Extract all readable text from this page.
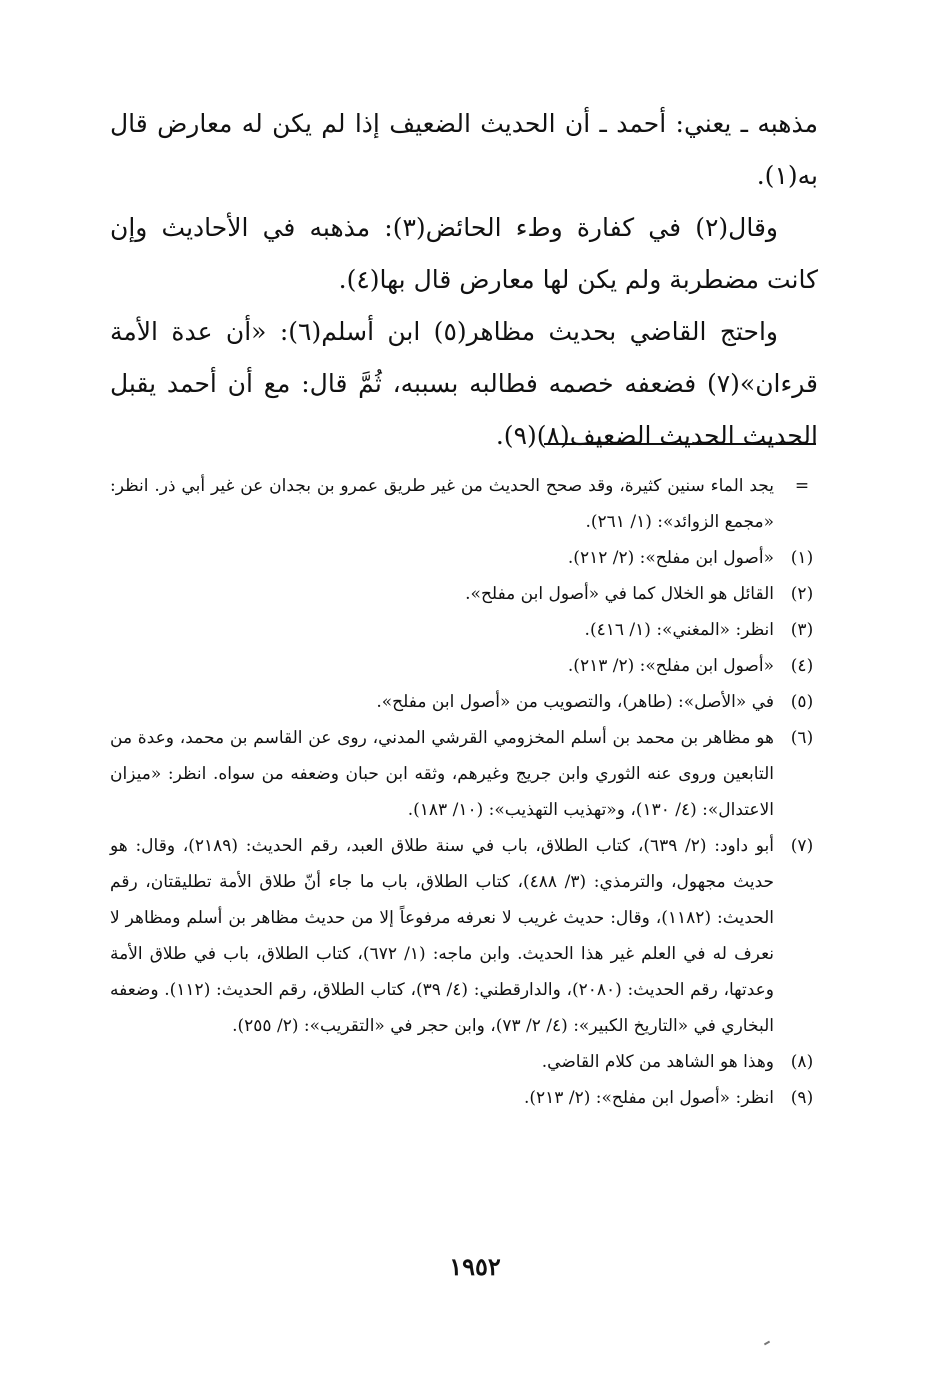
مذهبه ـ يعني: أحمد ـ أن الحديث الضعيف إذا لم يكن له معارض قال به(١).

وقال(٢) في كفارة وطء الحائض(٣): مذهبه في الأحاديث وإن كانت مضطربة ولم يكن لها معارض قال بها(٤).

واحتج القاضي بحديث مظاهر(٥) ابن أسلم(٦): «أن عدة الأمة قرءان»(٧) فضعفه خصمه فطالبه بسببه، ثُمَّ قال: مع أن أحمد يقبل الحديث الحديث الضعيف(٨)(٩).

=
يجد الماء سنين كثيرة، وقد صحح الحديث من غير طريق عمرو بن بجدان عن غير أبي ذر. انظر: «مجمع الزوائد»: (١/ ٢٦١).
(١)
«أصول ابن مفلح»: (٢/ ٢١٢).
(٢)
القائل هو الخلال كما في «أصول ابن مفلح».
(٣)
انظر: «المغني»: (١/ ٤١٦).
(٤)
«أصول ابن مفلح»: (٢/ ٢١٣).
(٥)
في «الأصل»: (طاهر)، والتصويب من «أصول ابن مفلح».
(٦)
هو مظاهر بن محمد بن أسلم المخزومي القرشي المدني، روى عن القاسم بن محمد، وعدة من التابعين وروى عنه الثوري وابن جريج وغيرهم، وثقه ابن حبان وضعفه من سواه. انظر: «ميزان الاعتدال»: (٤/ ١٣٠)، و«تهذيب التهذيب»: (١٠/ ١٨٣).
(٧)
أبو داود: (٢/ ٦٣٩)، كتاب الطلاق، باب في سنة طلاق العبد، رقم الحديث: (٢١٨٩)، وقال: هو حديث مجهول، والترمذي: (٣/ ٤٨٨)، كتاب الطلاق، باب ما جاء أنّ طلاق الأمة تطليقتان، رقم الحديث: (١١٨٢)، وقال: حديث غريب لا نعرفه مرفوعاً إلا من حديث مظاهر بن أسلم ومظاهر لا نعرف له في العلم غير هذا الحديث. وابن ماجه: (١/ ٦٧٢)، كتاب الطلاق، باب في طلاق الأمة وعدتها، رقم الحديث: (٢٠٨٠)، والدارقطني: (٤/ ٣٩)، كتاب الطلاق، رقم الحديث: (١١٢). وضعفه البخاري في «التاريخ الكبير»: (٤/ ٢/ ٧٣)، وابن حجر في «التقريب»: (٢/ ٢٥٥).
(٨)
وهذا هو الشاهد من كلام القاضي.
(٩)
انظر: «أصول ابن مفلح»: (٢/ ٢١٣).
١٩٥٢
